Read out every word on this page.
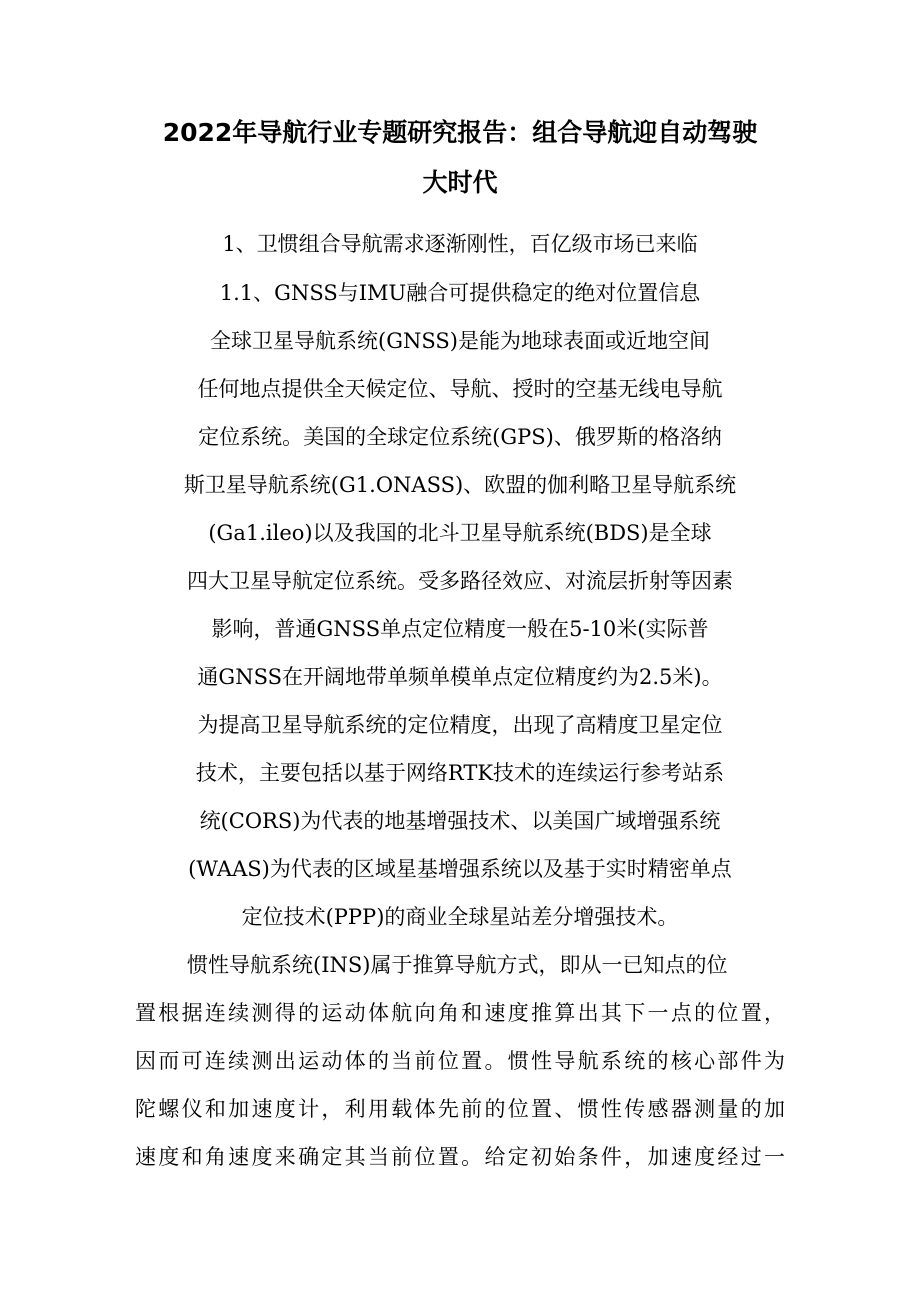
2022年导航行业专题研究报告：组合导航迎自动驾驶
大时代
1、卫惯组合导航需求逐渐刚性，百亿级市场已来临
1.1、GNSS与IMU融合可提供稳定的绝对位置信息
全球卫星导航系统(GNSS)是能为地球表面或近地空间
任何地点提供全天候定位、导航、授时的空基无线电导航
定位系统。美国的全球定位系统(GPS)、俄罗斯的格洛纳
斯卫星导航系统(G1.ONASS)、欧盟的伽利略卫星导航系统
(Ga1.ileo)以及我国的北斗卫星导航系统(BDS)是全球
四大卫星导航定位系统。受多路径效应、对流层折射等因素
影响，普通GNSS单点定位精度一般在5-10米(实际普
通GNSS在开阔地带单频单模单点定位精度约为2.5米)。
为提高卫星导航系统的定位精度，出现了高精度卫星定位
技术，主要包括以基于网络RTK技术的连续运行参考站系
统(CORS)为代表的地基增强技术、以美国广域增强系统
(WAAS)为代表的区域星基增强系统以及基于实时精密单点
定位技术(PPP)的商业全球星站差分增强技术。
惯性导航系统(INS)属于推算导航方式，即从一已知点的位
置根据连续测得的运动体航向角和速度推算出其下一点的位置，
因而可连续测出运动体的当前位置。惯性导航系统的核心部件为
陀螺仪和加速度计，利用载体先前的位置、惯性传感器测量的加
速度和角速度来确定其当前位置。给定初始条件，加速度经过一
